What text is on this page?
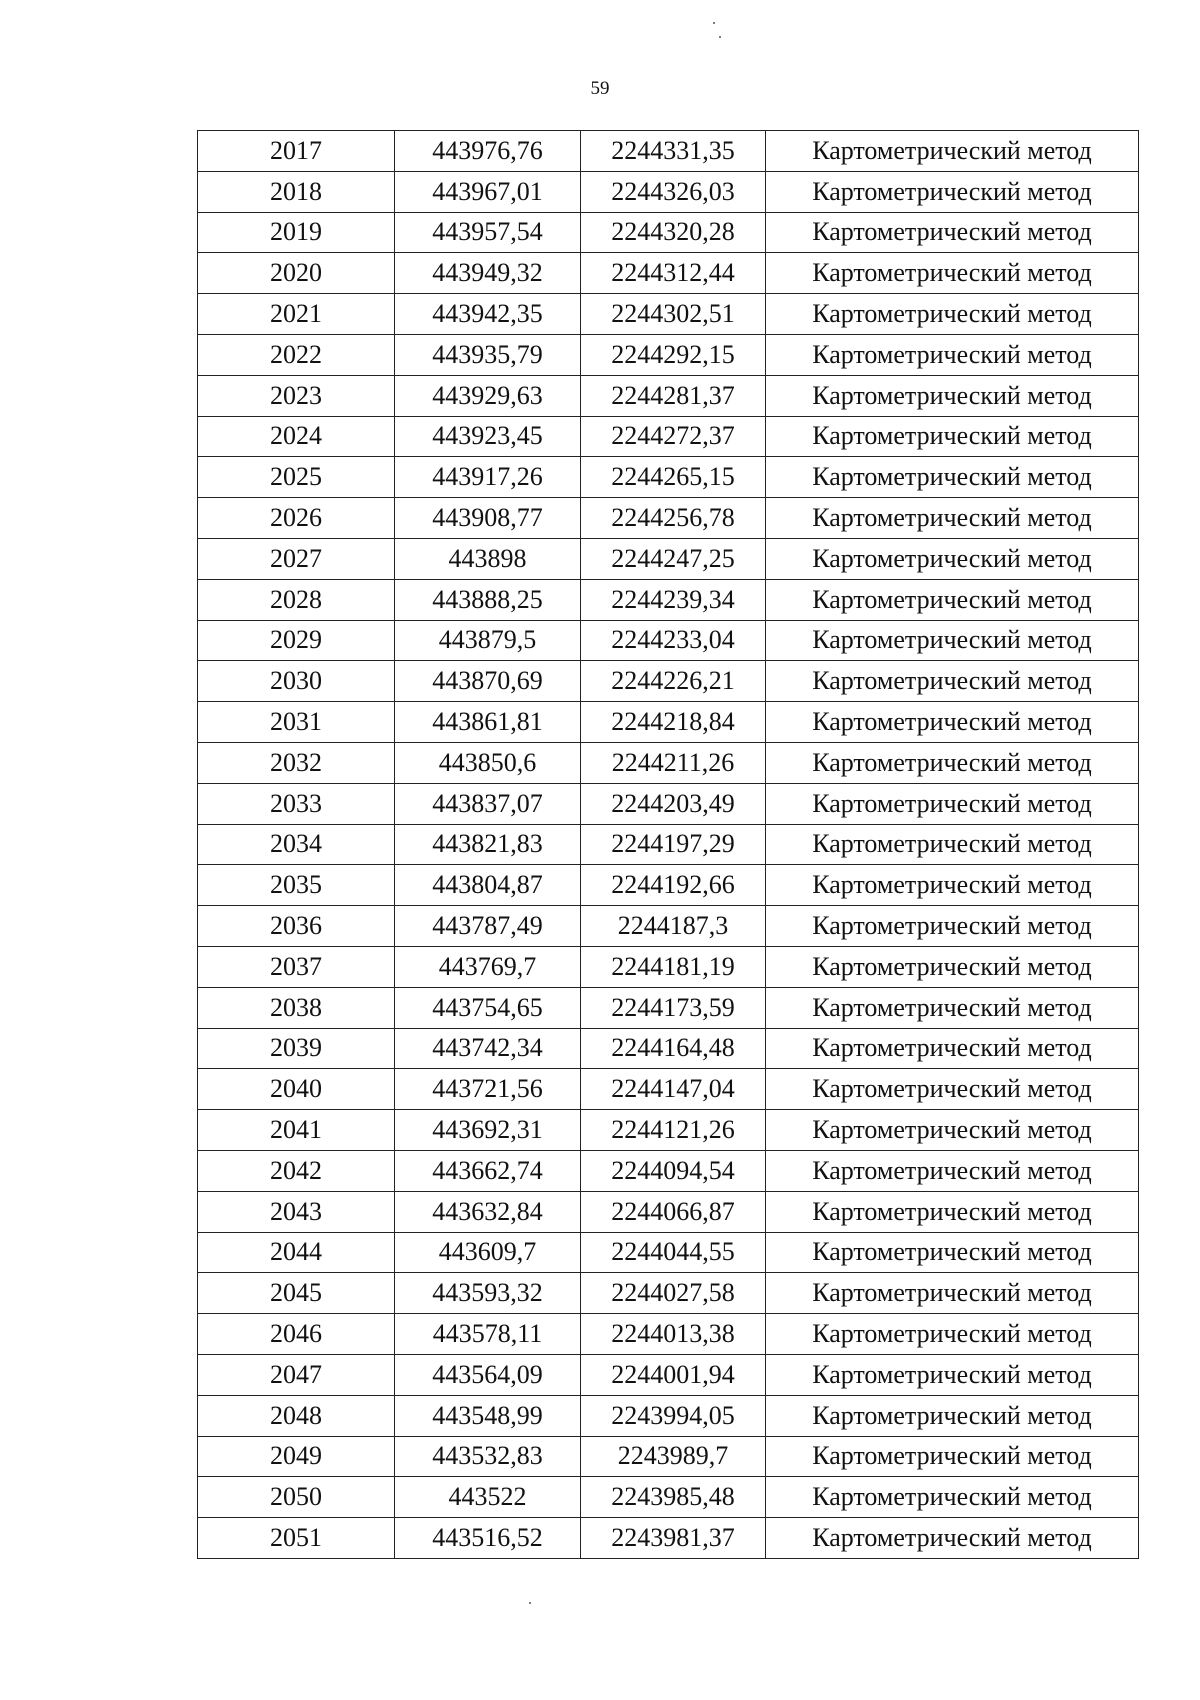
59
2017	443976,76	2244331,35	Картометрический метод
2018	443967,01	2244326,03	Картометрический метод
2019	443957,54	2244320,28	Картометрический метод
2020	443949,32	2244312,44	Картометрический метод
2021	443942,35	2244302,51	Картометрический метод
2022	443935,79	2244292,15	Картометрический метод
2023	443929,63	2244281,37	Картометрический метод
2024	443923,45	2244272,37	Картометрический метод
2025	443917,26	2244265,15	Картометрический метод
2026	443908,77	2244256,78	Картометрический метод
2027	443898	2244247,25	Картометрический метод
2028	443888,25	2244239,34	Картометрический метод
2029	443879,5	2244233,04	Картометрический метод
2030	443870,69	2244226,21	Картометрический метод
2031	443861,81	2244218,84	Картометрический метод
2032	443850,6	2244211,26	Картометрический метод
2033	443837,07	2244203,49	Картометрический метод
2034	443821,83	2244197,29	Картометрический метод
2035	443804,87	2244192,66	Картометрический метод
2036	443787,49	2244187,3	Картометрический метод
2037	443769,7	2244181,19	Картометрический метод
2038	443754,65	2244173,59	Картометрический метод
2039	443742,34	2244164,48	Картометрический метод
2040	443721,56	2244147,04	Картометрический метод
2041	443692,31	2244121,26	Картометрический метод
2042	443662,74	2244094,54	Картометрический метод
2043	443632,84	2244066,87	Картометрический метод
2044	443609,7	2244044,55	Картометрический метод
2045	443593,32	2244027,58	Картометрический метод
2046	443578,11	2244013,38	Картометрический метод
2047	443564,09	2244001,94	Картометрический метод
2048	443548,99	2243994,05	Картометрический метод
2049	443532,83	2243989,7	Картометрический метод
2050	443522	2243985,48	Картометрический метод
2051	443516,52	2243981,37	Картометрический метод
